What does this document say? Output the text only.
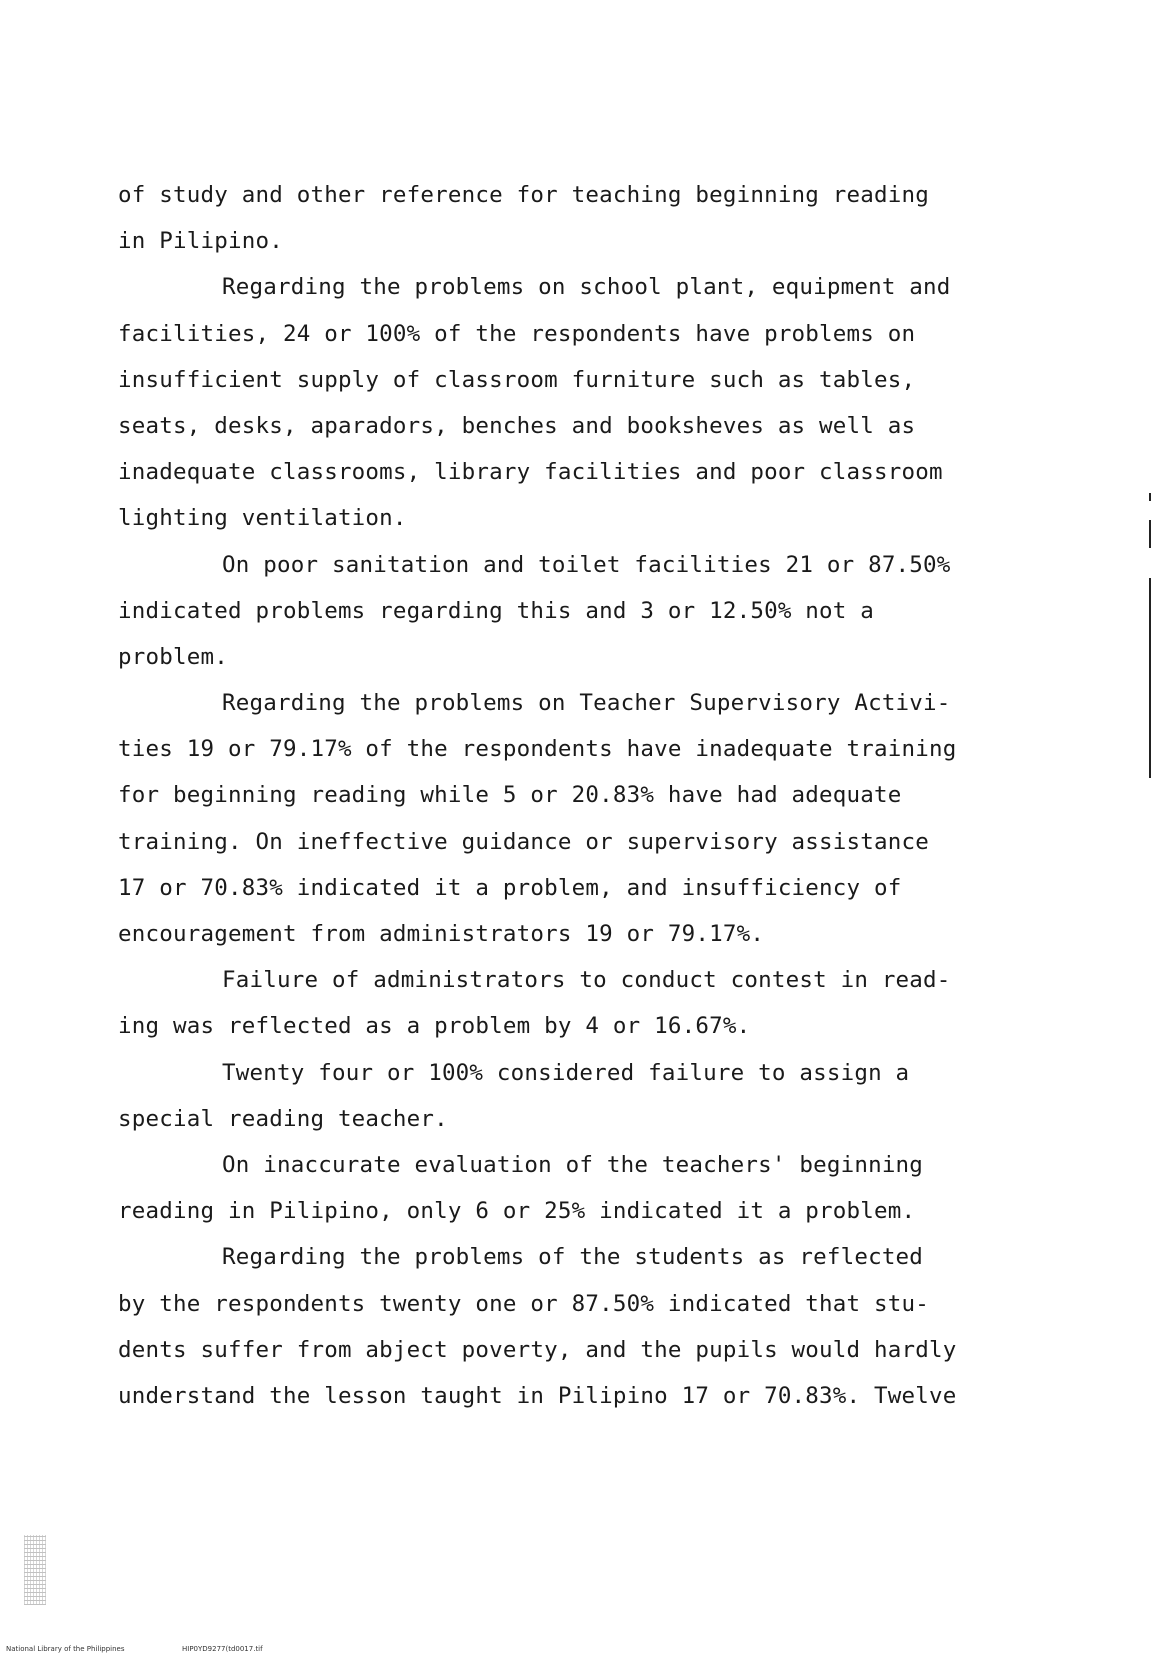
of study and other reference for teaching beginning reading
in Pilipino.
Regarding the problems on school plant, equipment and
facilities, 24 or 100% of the respondents have problems on
insufficient supply of classroom furniture such as tables,
seats, desks, aparadors, benches and booksheves as well as
inadequate classrooms, library facilities and poor classroom
lighting ventilation.
On poor sanitation and toilet facilities 21 or 87.50%
indicated problems regarding this and 3 or 12.50% not a
problem.
Regarding the problems on Teacher Supervisory Activi-
ties 19 or 79.17% of the respondents have inadequate training
for beginning reading while 5 or 20.83% have had adequate
training. On ineffective guidance or supervisory assistance
17 or 70.83% indicated it a problem, and insufficiency of
encouragement from administrators 19 or 79.17%.
Failure of administrators to conduct contest in read-
ing was reflected as a problem by 4 or 16.67%.
Twenty four or 100% considered failure to assign a
special reading teacher.
On inaccurate evaluation of the teachers' beginning
reading in Pilipino, only 6 or 25% indicated it a problem.
Regarding the problems of the students as reflected
by the respondents twenty one or 87.50% indicated that stu-
dents suffer from abject poverty, and the pupils would hardly
understand the lesson taught in Pilipino 17 or 70.83%. Twelve
National Library of the Philippines	HIP0YD9277(td0017.tif
